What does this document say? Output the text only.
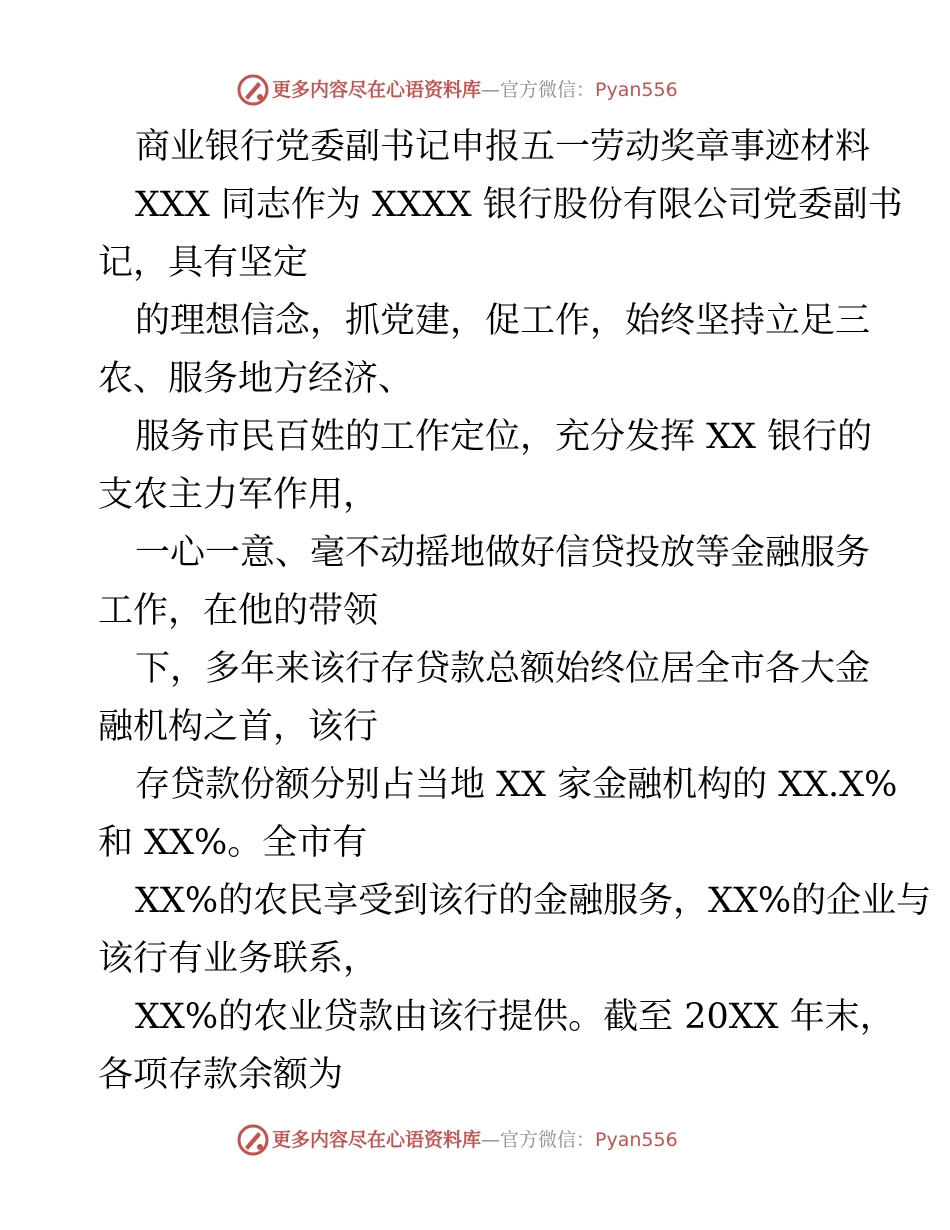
更多内容尽在心语资料库—官方微信：Pyan556
商业银行党委副书记申报五一劳动奖章事迹材料
XXX 同志作为 XXXX 银行股份有限公司党委副书
记，具有坚定
的理想信念，抓党建，促工作，始终坚持立足三
农、服务地方经济、
服务市民百姓的工作定位，充分发挥 XX 银行的
支农主力军作用，
一心一意、毫不动摇地做好信贷投放等金融服务
工作，在他的带领
下，多年来该行存贷款总额始终位居全市各大金
融机构之首，该行
存贷款份额分别占当地 XX 家金融机构的 XX.X%
和 XX%。全市有
XX%的农民享受到该行的金融服务，XX%的企业与
该行有业务联系，
XX%的农业贷款由该行提供。截至 20XX 年末，
各项存款余额为
更多内容尽在心语资料库—官方微信：Pyan556
